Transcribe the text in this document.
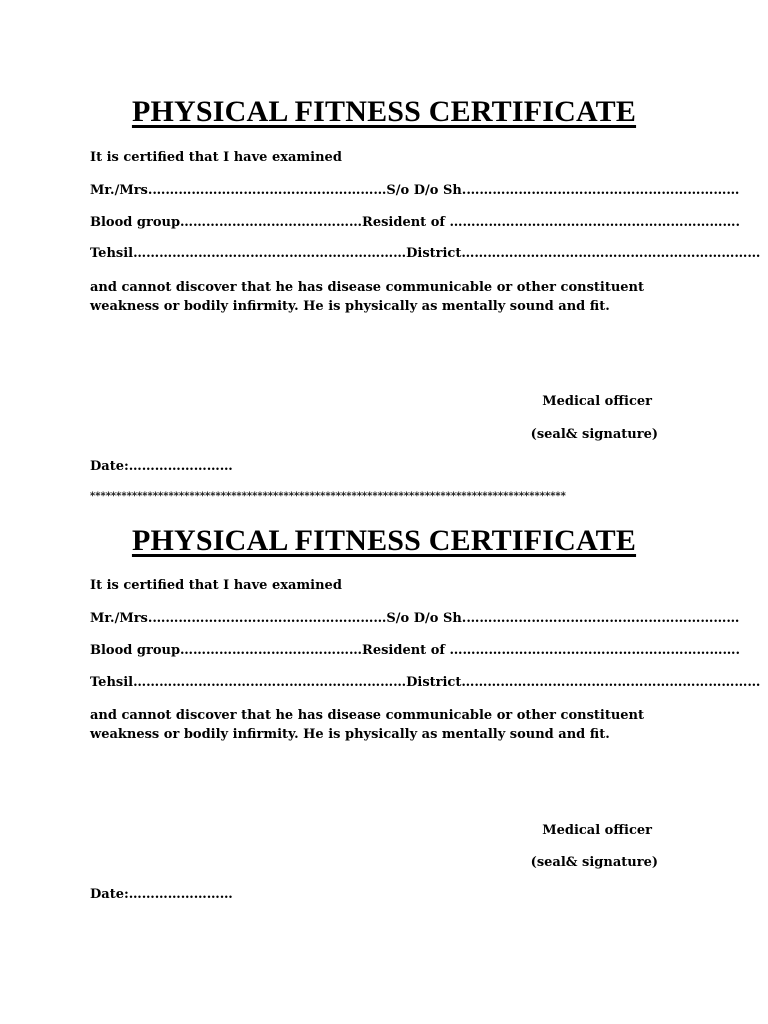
PHYSICAL FITNESS CERTIFICATE
It is certified that I have examined
Mr./Mrs.………………………………………………S/o D/o Sh.………………………………………………………
Blood group……………………………………Resident of ………………………………………………………….
Tehsil………………………………………………………District……………………………………………………………
and cannot discover that he has disease communicable or other constituent weakness or bodily infirmity. He is physically as mentally sound and fit.
Medical officer
(seal& signature)
Date:……………………
*******************************************************************************************
PHYSICAL FITNESS CERTIFICATE
It is certified that I have examined
Mr./Mrs.………………………………………………S/o D/o Sh.………………………………………………………
Blood group……………………………………Resident of ………………………………………………………….
Tehsil………………………………………………………District……………………………………………………………
and cannot discover that he has disease communicable or other constituent weakness or bodily infirmity. He is physically as mentally sound and fit.
Medical officer
(seal& signature)
Date:……………………
